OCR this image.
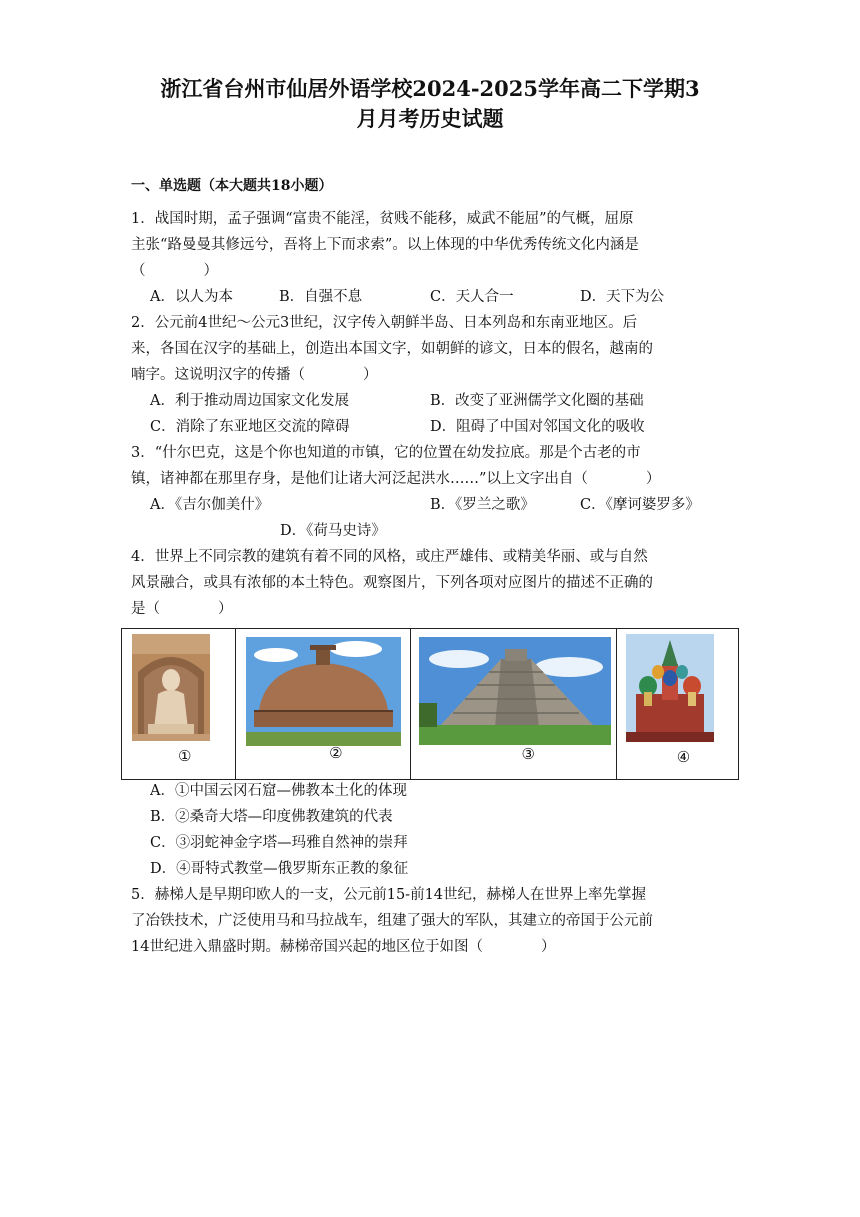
浙江省台州市仙居外语学校2024-2025学年高二下学期3
月月考历史试题
一、单选题（本大题共18小题）
1．战国时期，孟子强调“富贵不能淫，贫贱不能移，威武不能屈”的气概，屈原
主张“路曼曼其修远兮，吾将上下而求索”。以上体现的中华优秀传统文化内涵是
（　　　　）
A．以人为本	B．自强不息	C．天人合一	D．天下为公
2．公元前4世纪～公元3世纪，汉字传入朝鲜半岛、日本列岛和东南亚地区。后
来，各国在汉字的基础上，创造出本国文字，如朝鲜的谚文，日本的假名，越南的
喃字。这说明汉字的传播（　　　　）
A．利于推动周边国家文化发展	B．改变了亚洲儒学文化圈的基础
C．消除了东亚地区交流的障碍	D．阻碍了中国对邻国文化的吸收
3．“什尔巴克，这是个你也知道的市镇，它的位置在幼发拉底。那是个古老的市
镇，诸神都在那里存身，是他们让诸大河泛起洪水……”以上文字出自（　　　　）
A．《吉尔伽美什》	B．《罗兰之歌》	C．《摩诃婆罗多》
D．《荷马史诗》
4．世界上不同宗教的建筑有着不同的风格，或庄严雄伟、或精美华丽、或与自然
风景融合，或具有浓郁的本土特色。观察图片，下列各项对应图片的描述不正确的
是（　　　　）
①	②	③	④
A．①中国云冈石窟—佛教本土化的体现
B．②桑奇大塔—印度佛教建筑的代表
C．③羽蛇神金字塔—玛雅自然神的崇拜
D．④哥特式教堂—俄罗斯东正教的象征
5．赫梯人是早期印欧人的一支，公元前15-前14世纪，赫梯人在世界上率先掌握
了冶铁技术，广泛使用马和马拉战车，组建了强大的军队，其建立的帝国于公元前
14世纪进入鼎盛时期。赫梯帝国兴起的地区位于如图（　　　　）
